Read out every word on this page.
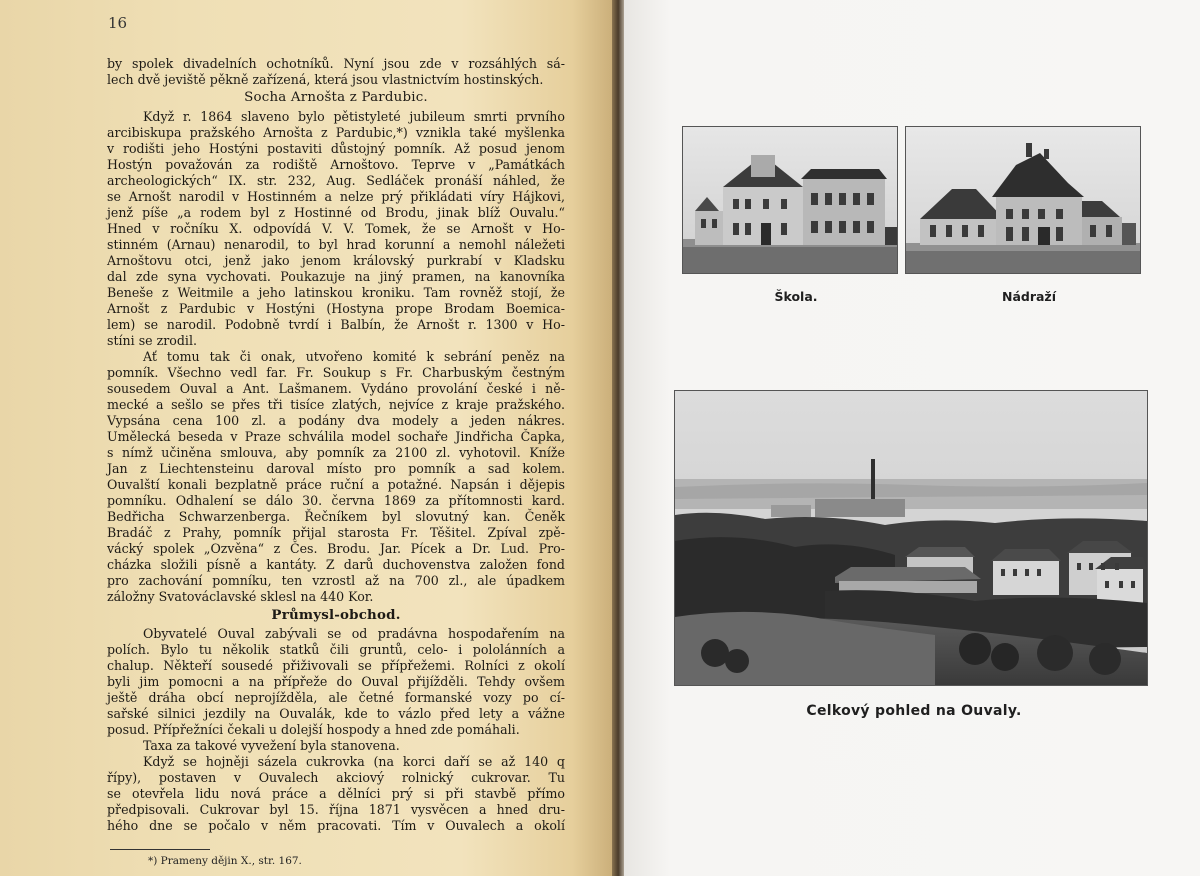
16
by spolek divadelních ochotníků. Nyní jsou zde v rozsáhlých sá-
lech dvě jeviště pěkně zařízená, která jsou vlastnictvím hostinských.
Socha Arnošta z Pardubic.
Když r. 1864 slaveno bylo pětistyleté jubileum smrti prvního
arcibiskupa pražského Arnošta z Pardubic,*) vznikla také myšlenka
v rodišti jeho Hostýni postaviti důstojný pomník. Až posud jenom
Hostýn považován za rodiště Arnoštovo. Teprve v „Památkách
archeologických“ IX. str. 232, Aug. Sedláček pronáší náhled, že
se Arnošt narodil v Hostinném a nelze prý přikládati víry Hájkovi,
jenž píše „a rodem byl z Hostinné od Brodu, jinak blíž Ouvalu.“
Hned v ročníku X. odpovídá V. V. Tomek, že se Arnošt v Ho-
stinném (Arnau) nenarodil, to byl hrad korunní a nemohl náležeti
Arnoštovu otci, jenž jako jenom královský purkrabí v Kladsku
dal zde syna vychovati. Poukazuje na jiný pramen, na kanovníka
Beneše z Weitmile a jeho latinskou kroniku. Tam rovněž stojí, že
Arnošt z Pardubic v Hostýni (Hostyna prope Brodam Boemica-
lem) se narodil. Podobně tvrdí i Balbín, že Arnošt r. 1300 v Ho-
stíni se zrodil.
Ať tomu tak či onak, utvořeno komité k sebrání peněz na
pomník. Všechno vedl far. Fr. Soukup s Fr. Charbuským čestným
sousedem Ouval a Ant. Lašmanem. Vydáno provolání české i ně-
mecké a sešlo se přes tři tisíce zlatých, nejvíce z kraje pražského.
Vypsána cena 100 zl. a podány dva modely a jeden nákres.
Umělecká beseda v Praze schválila model sochaře Jindřicha Čapka,
s nímž učiněna smlouva, aby pomník za 2100 zl. vyhotovil. Kníže
Jan z Liechtensteinu daroval místo pro pomník a sad kolem.
Ouvalští konali bezplatně práce ruční a potažné. Napsán i dějepis
pomníku. Odhalení se dálo 30. června 1869 za přítomnosti kard.
Bedřicha Schwarzenberga. Řečníkem byl slovutný kan. Čeněk
Bradáč z Prahy, pomník přijal starosta Fr. Těšitel. Zpíval zpě-
vácký spolek „Ozvěna“ z Čes. Brodu. Jar. Pícek a Dr. Lud. Pro-
cházka složili písně a kantáty. Z darů duchovenstva založen fond
pro zachování pomníku, ten vzrostl až na 700 zl., ale úpadkem
záložny Svatováclavské sklesl na 440 Kor.
Průmysl-obchod.
Obyvatelé Ouval zabývali se od pradávna hospodařením na
polích. Bylo tu několik statků čili gruntů, celo- i pololánních a
chalup. Někteří sousedé přiživovali se přípřežemi. Rolníci z okolí
byli jim pomocni a na přípřeže do Ouval přijížděli. Tehdy ovšem
ještě dráha obcí neprojížděla, ale četné formanské vozy po cí-
sařské silnici jezdily na Ouvalák, kde to vázlo před lety a vážne
posud. Přípřežníci čekali u dolejší hospody a hned zde pomáhali.
Taxa za takové vyvežení byla stanovena.
Když se hojněji sázela cukrovka (na korci daří se až 140 q
řípy), postaven v Ouvalech akciový rolnický cukrovar. Tu
se otevřela lidu nová práce a dělníci prý si při stavbě přímo
předpisovali. Cukrovar byl 15. října 1871 vysvěcen a hned dru-
hého dne se počalo v něm pracovati. Tím v Ouvalech a okolí
*) Prameny dějin X., str. 167.
Škola.	Nádraží
Celkový pohled na Ouvaly.
